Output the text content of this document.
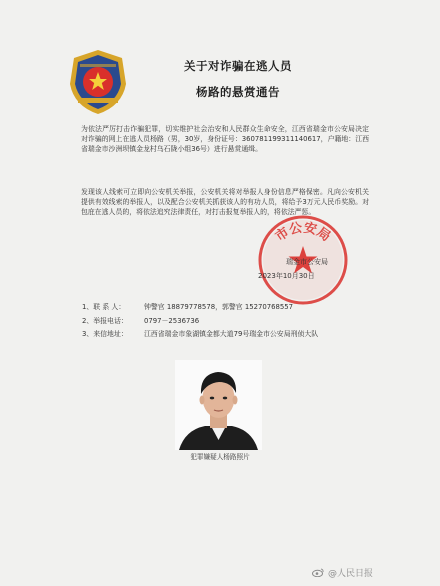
关于对诈骗在逃人员
杨路的悬赏通告
为依法严厉打击诈骗犯罪，切实维护社会治安和人民群众生命安全，江西省瑞金市公安局决定对诈骗的网上在逃人员杨路（男，30岁，身份证号：360781199311140617，户籍地：江西省瑞金市沙洲坝镇金龙村乌石陇小组36号）进行悬赏通缉。
发现该人线索可立即向公安机关举报，公安机关将对举报人身份信息严格保密。凡向公安机关提供有效线索的举报人，以及配合公安机关抓获该人的有功人员，将给予3万元人民币奖励。对包庇在逃人员的，将依法追究法律责任，对打击报复举报人的，将依法严惩。
市公安局
瑞金市公安局
2023年10月30日
1、联 系 人：	钟警官 18879778578，郭警官 15270768557
2、举报电话： 0797－2536736
3、来信地址： 江西省瑞金市象湖镇金都大道79号瑞金市公安局刑侦大队
犯罪嫌疑人杨路照片
@人民日报
